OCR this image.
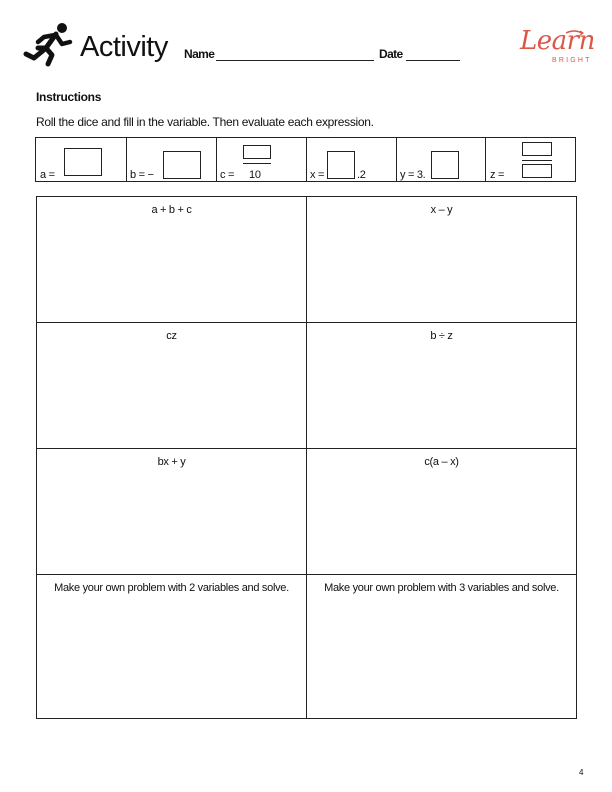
Activity Name	Date	Learn
BRIGHT
Instructions
Roll the dice and fill in the variable. Then evaluate each expression.
a =	b = −	c = 10	x =	.2	y = 3.	z =
a + b + c	x – y
cz	b ÷ z
bx + y	c(a – x)
Make your own problem with 2 variables and solve.	Make your own problem with 3 variables and solve.
4
